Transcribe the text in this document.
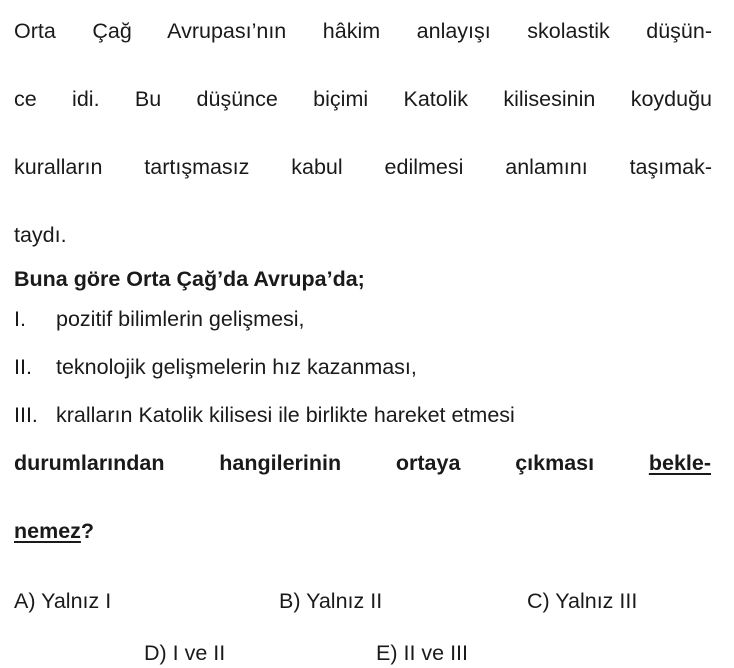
Orta Çağ Avrupası’nın hâkim anlayışı skolastik düşün-
ce idi. Bu düşünce biçimi Katolik kilisesinin koyduğu
kuralların tartışmasız kabul edilmesi anlamını taşımak-
taydı.
Buna göre Orta Çağ’da Avrupa’da;
I.	pozitif bilimlerin gelişmesi,
II.	teknolojik gelişmelerin hız kazanması,
III. kralların Katolik kilisesi ile birlikte hareket etmesi
durumlarından hangilerinin ortaya çıkması bekle-
nemez?
A) Yalnız I	B) Yalnız II	C) Yalnız III
D) I ve II	E) II ve III
